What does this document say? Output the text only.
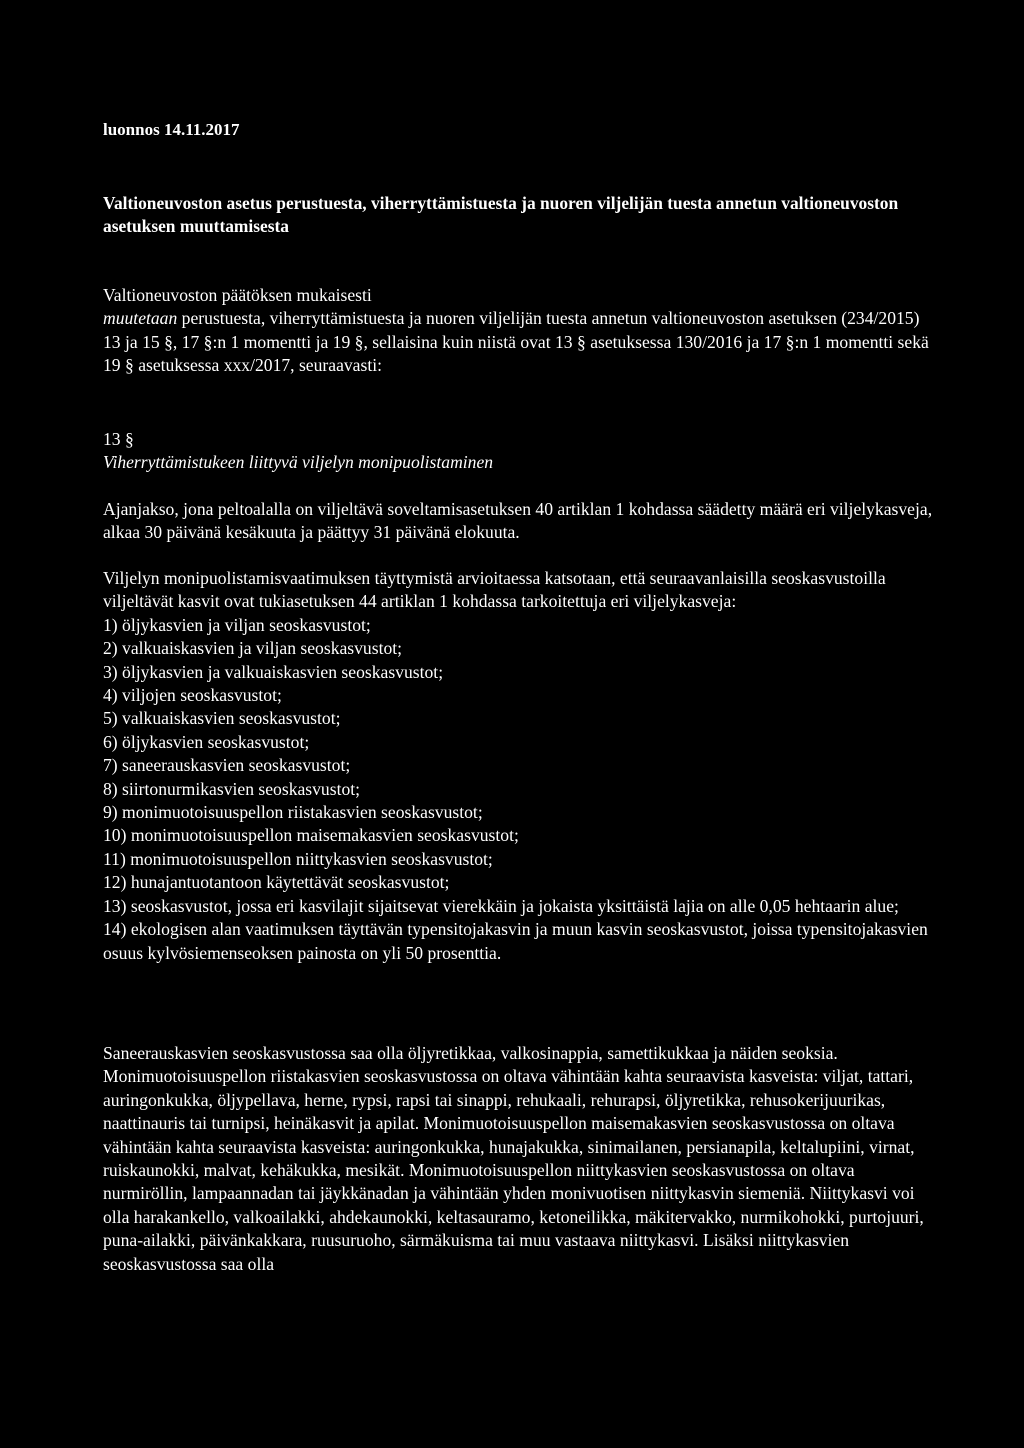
luonnos 14.11.2017
Valtioneuvoston asetus perustuesta, viherryttämistuesta ja nuoren viljelijän tuesta annetun valtioneuvoston asetuksen muuttamisesta

Valtioneuvoston päätöksen mukaisesti

muutetaan perustuesta, viherryttämistuesta ja nuoren viljelijän tuesta annetun valtioneuvoston asetuksen (234/2015) 13 ja 15 §, 17 §:n 1 momentti ja 19 §, sellaisina kuin niistä ovat 13 § asetuksessa 130/2016 ja 17 §:n 1 momentti sekä 19 § asetuksessa xxx/2017, seuraavasti:

13 §

Viherryttämistukeen liittyvä viljelyn monipuolistaminen

Ajanjakso, jona peltoalalla on viljeltävä soveltamisasetuksen 40 artiklan 1 kohdassa säädetty määrä eri viljelykasveja, alkaa 30 päivänä kesäkuuta ja päättyy 31 päivänä elokuuta.

Viljelyn monipuolistamisvaatimuksen täyttymistä arvioitaessa katsotaan, että seuraavanlaisilla seoskasvustoilla viljeltävät kasvit ovat tukiasetuksen 44 artiklan 1 kohdassa tarkoitettuja eri viljelykasveja:

1) öljykasvien ja viljan seoskasvustot;
2) valkuaiskasvien ja viljan seoskasvustot;
3) öljykasvien ja valkuaiskasvien seoskasvustot;
4) viljojen seoskasvustot;
5) valkuaiskasvien seoskasvustot;
6) öljykasvien seoskasvustot;
7) saneerauskasvien seoskasvustot;
8) siirtonurmikasvien seoskasvustot;
9) monimuotoisuuspellon riistakasvien seoskasvustot;
10) monimuotoisuuspellon maisemakasvien seoskasvustot;
11) monimuotoisuuspellon niittykasvien seoskasvustot;
12) hunajantuotantoon käytettävät seoskasvustot;
13) seoskasvustot, jossa eri kasvilajit sijaitsevat vierekkäin ja jokaista yksittäistä lajia on alle 0,05 hehtaarin alue;
14) ekologisen alan vaatimuksen täyttävän typensitojakasvin ja muun kasvin seoskasvustot, joissa typensitojakasvien osuus kylvösiemenseoksen painosta on yli 50 prosenttia.

Saneerauskasvien seoskasvustossa saa olla öljyretikkaa, valkosinappia, samettikukkaa ja näiden seoksia. Monimuotoisuuspellon riistakasvien seoskasvustossa on oltava vähintään kahta seuraavista kasveista: viljat, tattari, auringonkukka, öljypellava, herne, rypsi, rapsi tai sinappi, rehukaali, rehurapsi, öljyretikka, rehusokerijuurikas, naattinauris tai turnipsi, heinäkasvit ja apilat. Monimuotoisuuspellon maisemakasvien seoskasvustossa on oltava vähintään kahta seuraavista kasveista: auringonkukka, hunajakukka, sinimailanen, persianapila, keltalupiini, virnat, ruiskaunokki, malvat, kehäkukka, mesikät. Monimuotoisuuspellon niittykasvien seoskasvustossa on oltava nurmiröllin, lampaannadan tai jäykkänadan ja vähintään yhden monivuotisen niittykasvin siemeniä. Niittykasvi voi olla harakankello, valkoailakki, ahdekaunokki, keltasauramo, ketoneilikka, mäkitervakko, nurmikohokki, purtojuuri, puna-ailakki, päivänkakkara, ruusuruoho, särmäkuisma tai muu vastaava niittykasvi. Lisäksi niittykasvien seoskasvustossa saa olla
